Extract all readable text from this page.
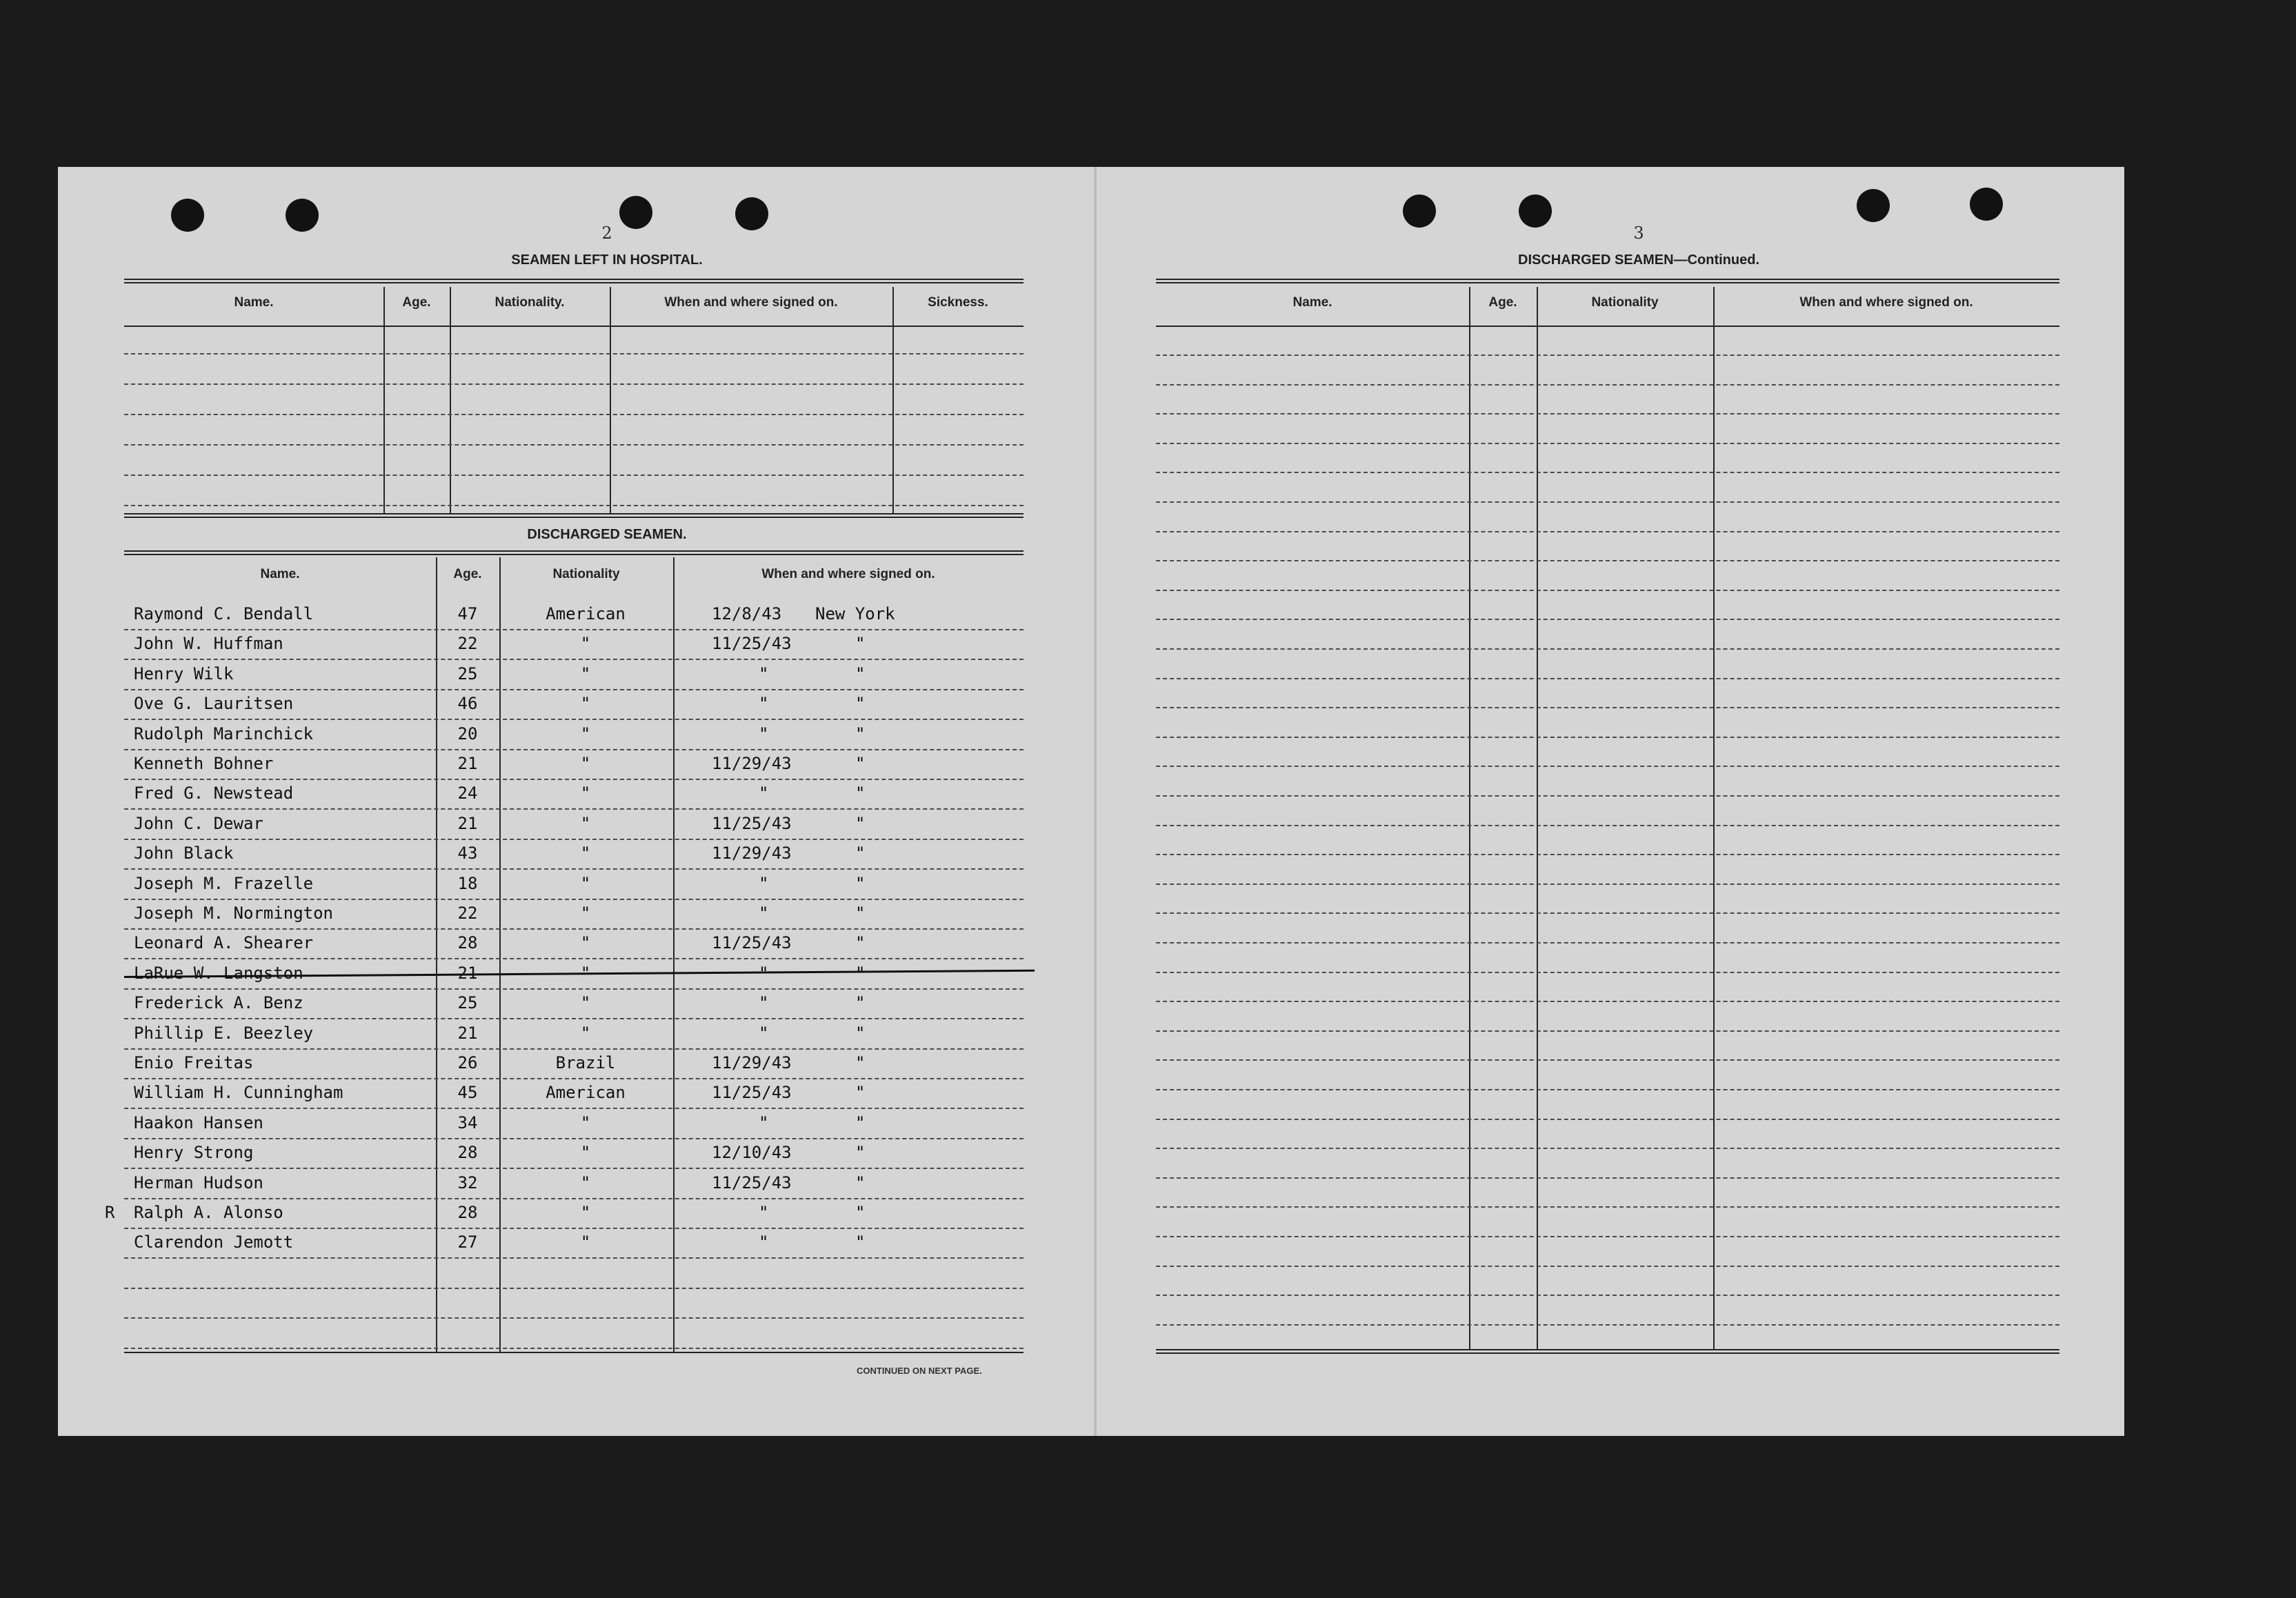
2
SEAMEN LEFT IN HOSPITAL.
Name.	Age.	Nationality.	When and where signed on.	Sickness.
DISCHARGED SEAMEN.
Name.	Age.	Nationality	When and where signed on.
Raymond C. Bendall	47	American	12/8/43 New York
John W. Huffman	22	"	11/25/43	"
Henry Wilk	25	"	"	"
Ove G. Lauritsen	46	"	"	"
Rudolph Marinchick	20	"	"	"
Kenneth Bohner	21	"	11/29/43	"
Fred G. Newstead	24	"	"	"
John C. Dewar	21	"	11/25/43	"
John Black	43	"	11/29/43	"
Joseph M. Frazelle	18	"	"	"
Joseph M. Normington	22	"	"	"
Leonard A. Shearer	28	"	11/25/43	"
LaRue W. Langston	21	"	"	"
Frederick A. Benz	25	"	"	"
Phillip E. Beezley	21	"	"	"
Enio Freitas	26	Brazil	11/29/43	"
William H. Cunningham	45	American	11/25/43	"
Haakon Hansen	34	"	"	"
Henry Strong	28	"	12/10/43	"
Herman Hudson	32	"	11/25/43	"
Ralph A. Alonso	28	"	"	"
R
Clarendon Jemott	27	"	"	"
CONTINUED ON NEXT PAGE.
3
DISCHARGED SEAMEN—Continued.
Name.	Age.	Nationality	When and where signed on.
